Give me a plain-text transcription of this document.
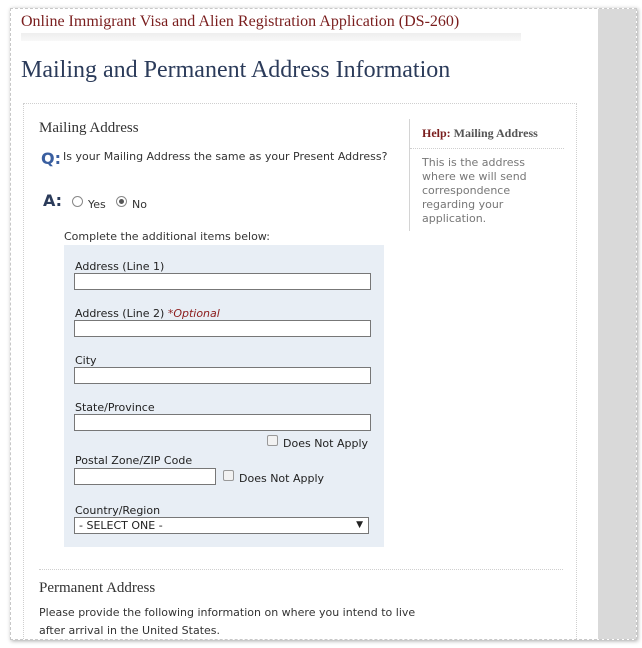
Online Immigrant Visa and Alien Registration Application (DS-260)
Mailing and Permanent Address Information
Mailing Address
Q: Is your Mailing Address the same as your Present Address?
A: Yes No
Complete the additional items below:
Address (Line 1)
Address (Line 2) *Optional
City
State/Province
Does Not Apply
Postal Zone/ZIP Code
Does Not Apply
Country/Region
- SELECT ONE -	▼
Help: Mailing Address
This is the address where we will send correspondence regarding your application.
Permanent Address
Please provide the following information on where you intend to live after arrival in the United States.
